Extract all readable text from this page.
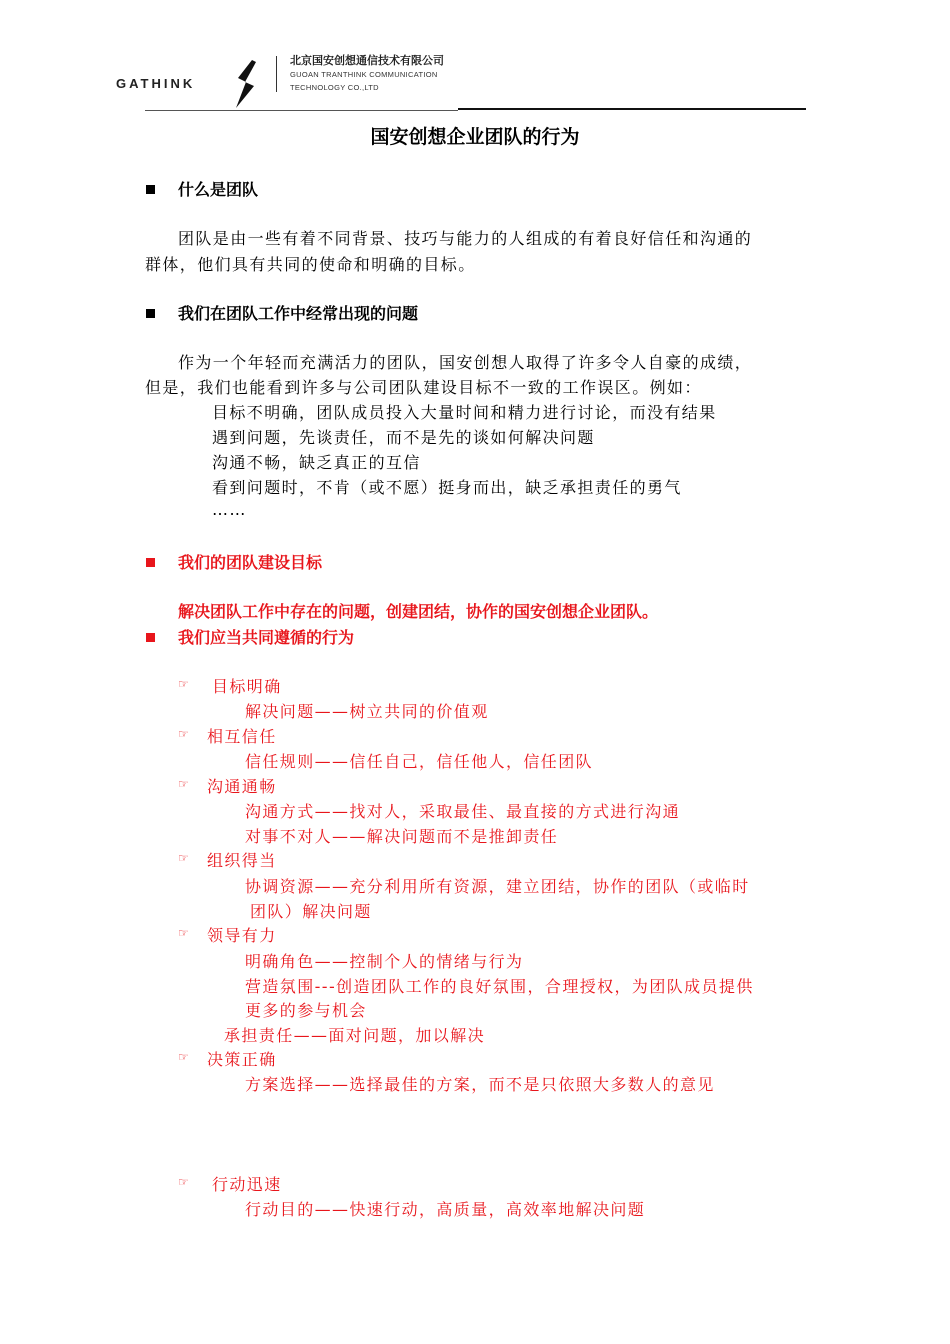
GATHINK
北京国安创想通信技术有限公司
GUOAN TRANTHINK COMMUNICATION
TECHNOLOGY CO.,LTD
国安创想企业团队的行为
什么是团队
团队是由一些有着不同背景、技巧与能力的人组成的有着良好信任和沟通的
群体，他们具有共同的使命和明确的目标。
我们在团队工作中经常出现的问题
作为一个年轻而充满活力的团队，国安创想人取得了许多令人自豪的成绩，
但是，我们也能看到许多与公司团队建设目标不一致的工作误区。例如：
目标不明确，团队成员投入大量时间和精力进行讨论，而没有结果
遇到问题，先谈责任，而不是先的谈如何解决问题
沟通不畅，缺乏真正的互信
看到问题时，不肯（或不愿）挺身而出，缺乏承担责任的勇气
……
我们的团队建设目标
解决团队工作中存在的问题，创建团结，协作的国安创想企业团队。
我们应当共同遵循的行为
☞ 目标明确
解决问题——树立共同的价值观
☞ 相互信任
信任规则——信任自己，信任他人，信任团队
☞ 沟通通畅
沟通方式——找对人，采取最佳、最直接的方式进行沟通
对事不对人——解决问题而不是推卸责任
☞ 组织得当
协调资源——充分利用所有资源，建立团结，协作的团队（或临时
团队）解决问题
☞ 领导有力
明确角色——控制个人的情绪与行为
营造氛围---创造团队工作的良好氛围，合理授权，为团队成员提供
更多的参与机会
承担责任——面对问题，加以解决
☞ 决策正确
方案选择——选择最佳的方案，而不是只依照大多数人的意见
☞ 行动迅速
行动目的——快速行动，高质量，高效率地解决问题
